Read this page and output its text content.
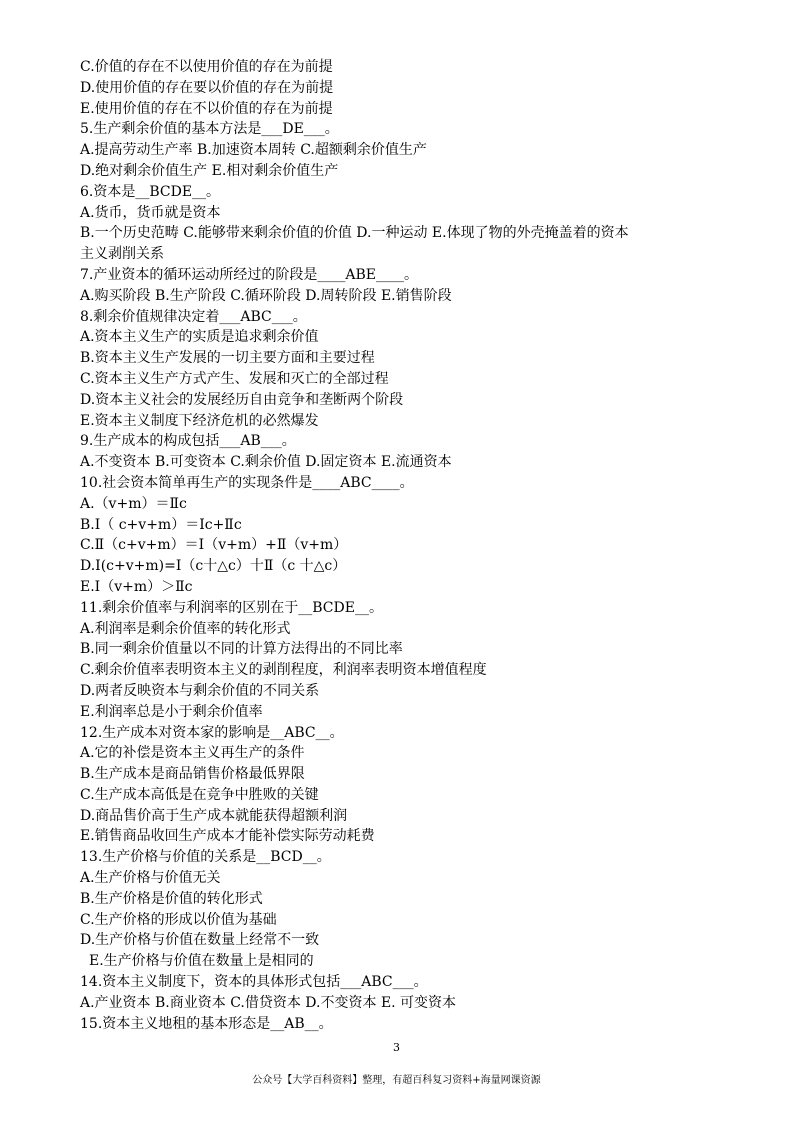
C.价值的存在不以使用价值的存在为前提
D.使用价值的存在要以价值的存在为前提
E.使用价值的存在不以价值的存在为前提
5.生产剩余价值的基本方法是___DE___。
A.提高劳动生产率 B.加速资本周转 C.超额剩余价值生产
D.绝对剩余价值生产 E.相对剩余价值生产
6.资本是__BCDE__。
A.货币，货币就是资本
B.一个历史范畴 C.能够带来剩余价值的价值 D.一种运动 E.体现了物的外壳掩盖着的资本
主义剥削关系
7.产业资本的循环运动所经过的阶段是____ABE____。
A.购买阶段 B.生产阶段 C.循环阶段 D.周转阶段 E.销售阶段
8.剩余价值规律决定着___ABC___。
A.资本主义生产的实质是追求剩余价值
B.资本主义生产发展的一切主要方面和主要过程
C.资本主义生产方式产生、发展和灭亡的全部过程
D.资本主义社会的发展经历自由竞争和垄断两个阶段
E.资本主义制度下经济危机的必然爆发
9.生产成本的构成包括___AB___。
A.不变资本 B.可变资本 C.剩余价值 D.固定资本 E.流通资本
10.社会资本简单再生产的实现条件是____ABC____。
A.（v+m）＝Ⅱc
B.Ⅰ（ c+v+m）＝Ⅰc+Ⅱc
C.Ⅱ（c+v+m）＝Ⅰ（v+m）+Ⅱ（v+m）
D.Ⅰ(c+v+m)=Ⅰ（c十△c）十Ⅱ（c 十△c）
E.Ⅰ（v+m）＞Ⅱc
11.剩余价值率与利润率的区别在于__BCDE__。
A.利润率是剩余价值率的转化形式
B.同一剩余价值量以不同的计算方法得出的不同比率
C.剩余价值率表明资本主义的剥削程度，利润率表明资本增值程度
D.两者反映资本与剩余价值的不同关系
E.利润率总是小于剩余价值率
12.生产成本对资本家的影响是__ABC__。
A.它的补偿是资本主义再生产的条件
B.生产成本是商品销售价格最低界限
C.生产成本高低是在竞争中胜败的关键
D.商品售价高于生产成本就能获得超额利润
E.销售商品收回生产成本才能补偿实际劳动耗费
13.生产价格与价值的关系是__BCD__。
A.生产价格与价值无关
B.生产价格是价值的转化形式
C.生产价格的形成以价值为基础
D.生产价格与价值在数量上经常不一致
E.生产价格与价值在数量上是相同的
14.资本主义制度下，资本的具体形式包括___ABC___。
A.产业资本 B.商业资本 C.借贷资本 D.不变资本 E. 可变资本
15.资本主义地租的基本形态是__AB__。
3
公众号【大学百科资料】整理，有超百科复习资料+海量网课资源
